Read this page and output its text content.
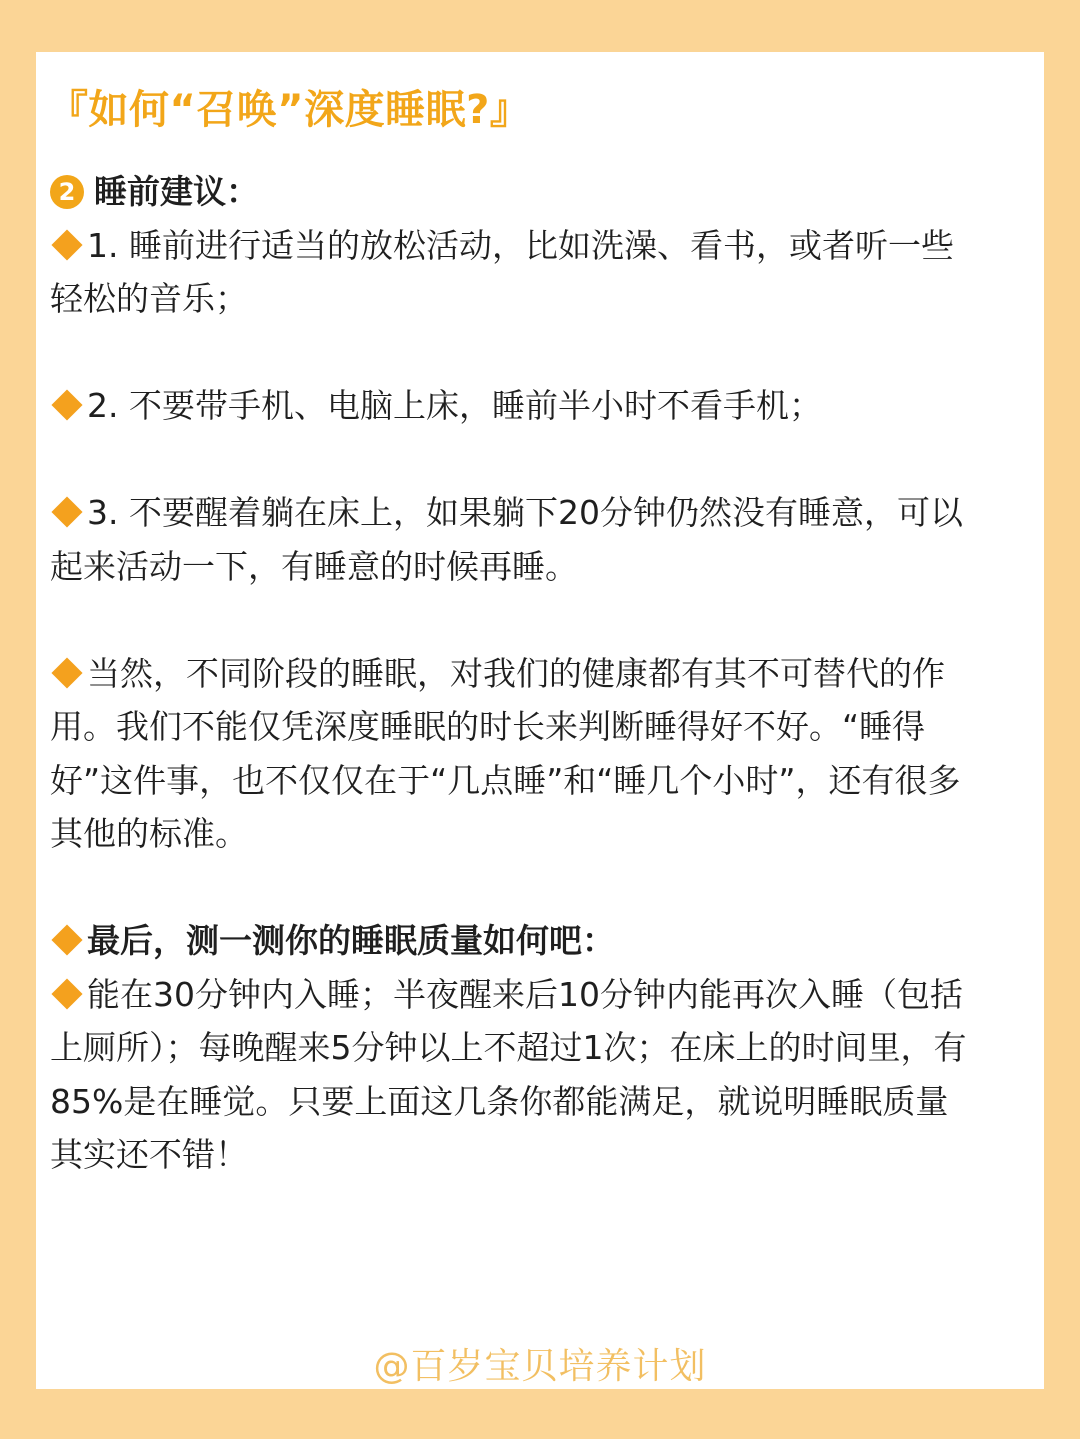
『如何“召唤”深度睡眠?』

2 睡前建议：

1. 睡前进行适当的放松活动，比如洗澡、看书，或者听一些轻松的音乐；

2. 不要带手机、电脑上床，睡前半小时不看手机；

3. 不要醒着躺在床上，如果躺下20分钟仍然没有睡意，可以起来活动一下，有睡意的时候再睡。

当然，不同阶段的睡眠，对我们的健康都有其不可替代的作用。我们不能仅凭深度睡眠的时长来判断睡得好不好。“睡得好”这件事，也不仅仅在于“几点睡”和“睡几个小时”，还有很多其他的标准。

最后，测一测你的睡眠质量如何吧：

能在30分钟内入睡；半夜醒来后10分钟内能再次入睡（包括上厕所）；每晚醒来5分钟以上不超过1次；在床上的时间里，有85%是在睡觉。只要上面这几条你都能满足，就说明睡眠质量其实还不错！

@百岁宝贝培养计划
